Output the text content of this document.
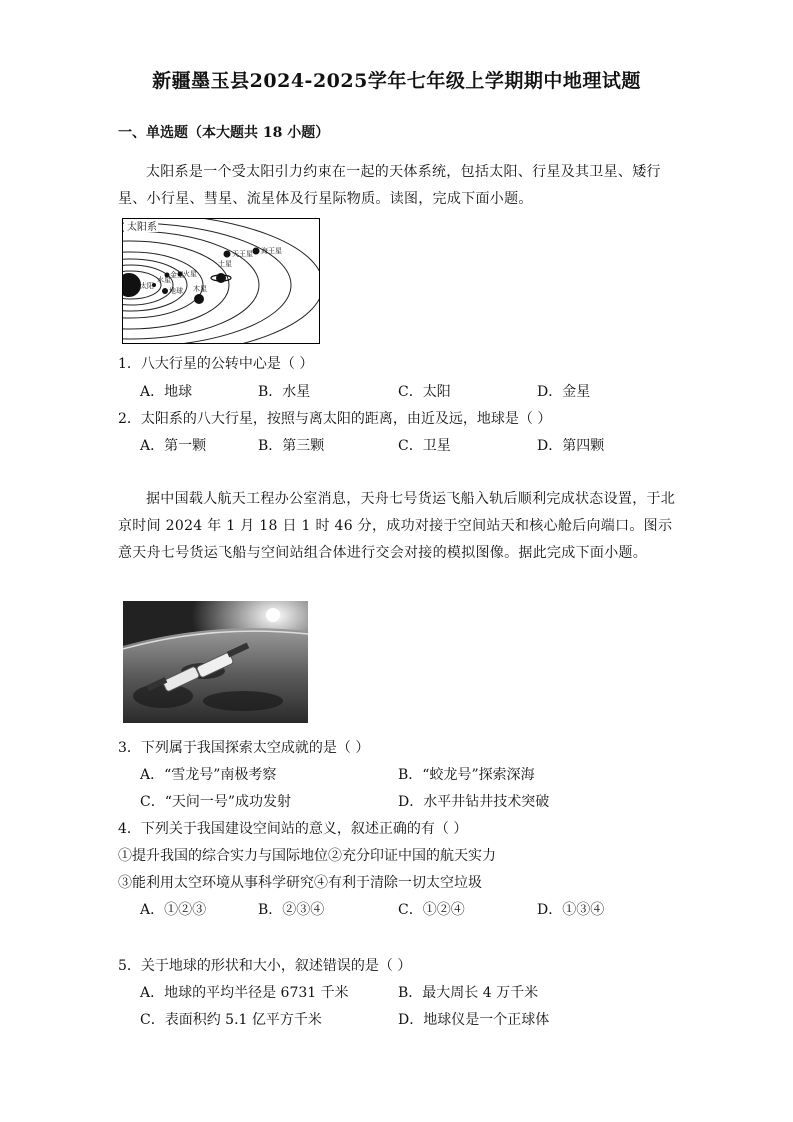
新疆墨玉县2024-2025学年七年级上学期期中地理试题
一、单选题（本大题共 18 小题）
太阳系是一个受太阳引力约束在一起的天体系统，包括太阳、行星及其卫星、矮行星、小行星、彗星、流星体及行星际物质。读图，完成下面小题。
太阳系
太阳
水星
金星
地球
火星
木星
土星
天王星 海王星
1．八大行星的公转中心是（ ）
A．地球	B．水星	C．太阳	D．金星
2．太阳系的八大行星，按照与离太阳的距离，由近及远，地球是（ ）
A．第一颗	B．第三颗	C．卫星	D．第四颗
据中国载人航天工程办公室消息，天舟七号货运飞船入轨后顺利完成状态设置，于北京时间 2024 年 1 月 18 日 1 时 46 分，成功对接于空间站天和核心舱后向端口。图示意天舟七号货运飞船与空间站组合体进行交会对接的模拟图像。据此完成下面小题。
3．下列属于我国探索太空成就的是（ ）
A．“雪龙号”南极考察	B．“蛟龙号”探索深海
C．“天问一号”成功发射	D．水平井钻井技术突破
4．下列关于我国建设空间站的意义，叙述正确的有（ ）
①提升我国的综合实力与国际地位②充分印证中国的航天实力
③能利用太空环境从事科学研究④有利于清除一切太空垃圾
A．①②③	B．②③④	C．①②④	D．①③④
5．关于地球的形状和大小，叙述错误的是（ ）
A．地球的平均半径是 6731 千米	B．最大周长 4 万千米
C．表面积约 5.1 亿平方千米	D．地球仪是一个正球体
